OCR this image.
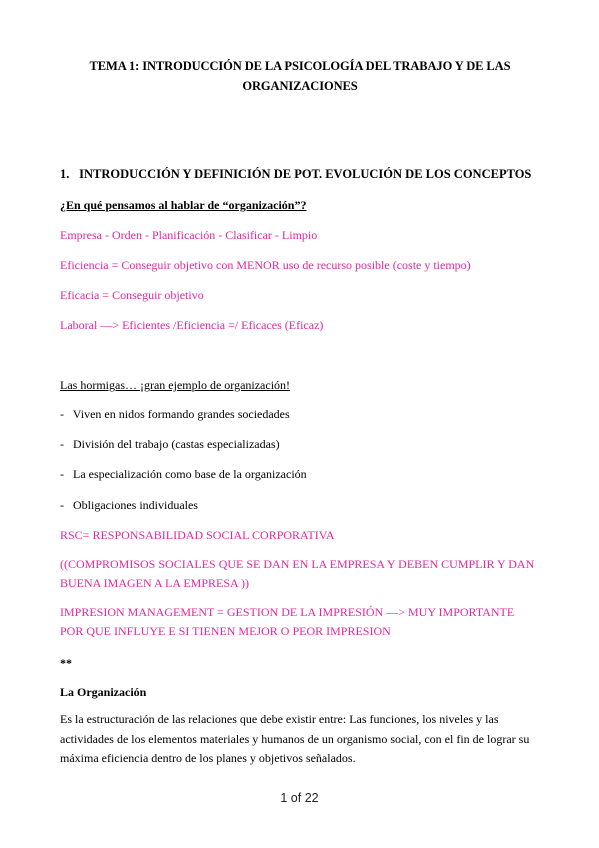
TEMA 1: INTRODUCCIÓN DE LA PSICOLOGÍA DEL TRABAJO Y DE LAS ORGANIZACIONES
1. INTRODUCCIÓN Y DEFINICIÓN DE POT. EVOLUCIÓN DE LOS CONCEPTOS
¿En qué pensamos al hablar de “organización”?
Empresa - Orden - Planificación - Clasificar - Limpio
Eficiencia = Conseguir objetivo con MENOR uso de recurso posible (coste y tiempo)
Eficacia = Conseguir objetivo
Laboral —> Eficientes /Eficiencia =/ Eficaces (Eficaz)
Las hormigas… ¡gran ejemplo de organización!
- Viven en nidos formando grandes sociedades
- División del trabajo (castas especializadas)
- La especialización como base de la organización
- Obligaciones individuales
RSC= RESPONSABILIDAD SOCIAL CORPORATIVA
((COMPROMISOS SOCIALES QUE SE DAN EN LA EMPRESA Y DEBEN CUMPLIR Y DAN BUENA IMAGEN A LA EMPRESA ))
IMPRESION MANAGEMENT = GESTION DE LA IMPRESIÓN —> MUY IMPORTANTE POR QUE INFLUYE E SI TIENEN MEJOR O PEOR IMPRESION
**
La Organización
Es la estructuración de las relaciones que debe existir entre: Las funciones, los niveles y las actividades de los elementos materiales y humanos de un organismo social, con el fin de lograr su máxima eficiencia dentro de los planes y objetivos señalados.
1 of 22
